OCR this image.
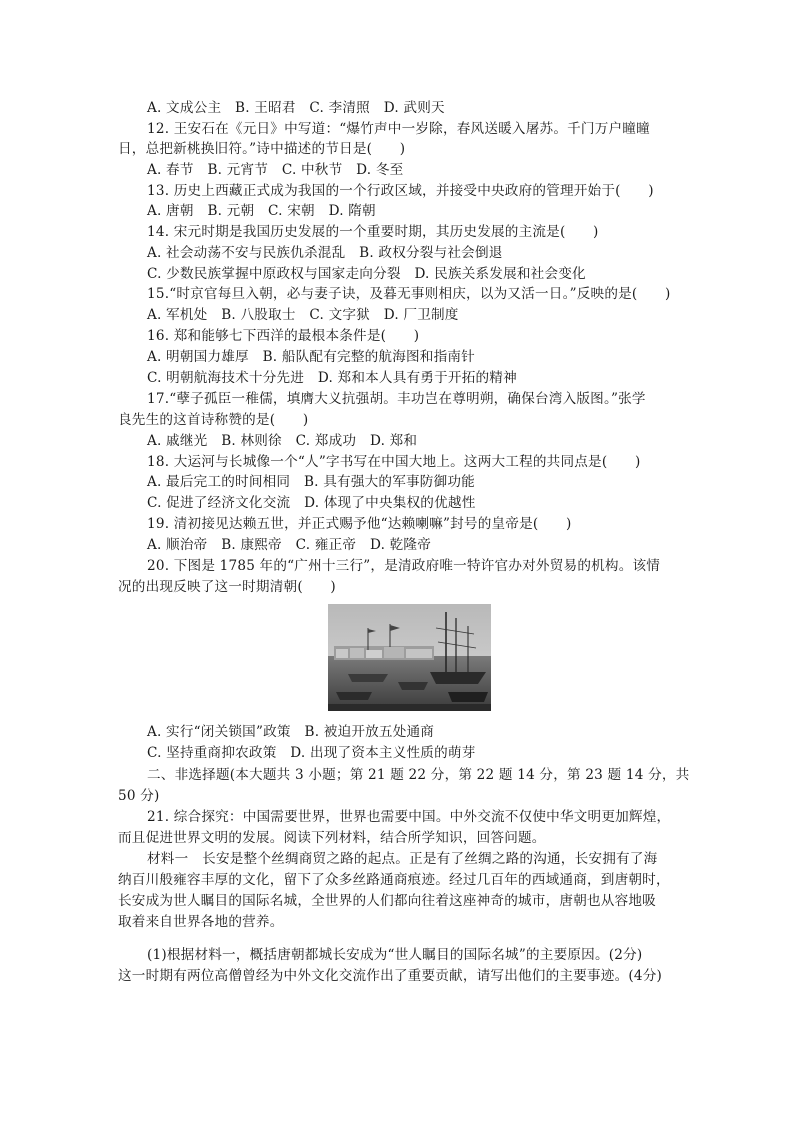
A. 文成公主　B. 王昭君　C. 李清照　D. 武则天
12. 王安石在《元日》中写道：“爆竹声中一岁除，春风送暖入屠苏。千门万户曈曈
日，总把新桃换旧符。”诗中描述的节日是(　　)
A. 春节　B. 元宵节　C. 中秋节　D. 冬至
13. 历史上西藏正式成为我国的一个行政区域，并接受中央政府的管理开始于(　　)
A. 唐朝　B. 元朝　C. 宋朝　D. 隋朝
14. 宋元时期是我国历史发展的一个重要时期，其历史发展的主流是(　　)
A. 社会动荡不安与民族仇杀混乱　B. 政权分裂与社会倒退
C. 少数民族掌握中原政权与国家走向分裂　D. 民族关系发展和社会变化
15.“时京官每旦入朝，必与妻子诀，及暮无事则相庆，以为又活一日。”反映的是(　　)
A. 军机处　B. 八股取士　C. 文字狱　D. 厂卫制度
16. 郑和能够七下西洋的最根本条件是(　　)
A. 明朝国力雄厚　B. 船队配有完整的航海图和指南针
C. 明朝航海技术十分先进　D. 郑和本人具有勇于开拓的精神
17.“孽子孤臣一稚儒，填膺大义抗强胡。丰功岂在尊明朔，确保台湾入版图。”张学
良先生的这首诗称赞的是(　　)
A. 戚继光　B. 林则徐　C. 郑成功　D. 郑和
18. 大运河与长城像一个“人”字书写在中国大地上。这两大工程的共同点是(　　)
A. 最后完工的时间相同　B. 具有强大的军事防御功能
C. 促进了经济文化交流　D. 体现了中央集权的优越性
19. 清初接见达赖五世，并正式赐予他“达赖喇嘛”封号的皇帝是(　　)
A. 顺治帝　B. 康熙帝　C. 雍正帝　D. 乾隆帝
20. 下图是 1785 年的“广州十三行”，是清政府唯一特许官办对外贸易的机构。该情
况的出现反映了这一时期清朝(　　)
A. 实行“闭关锁国”政策　B. 被迫开放五处通商
C. 坚持重商抑农政策　D. 出现了资本主义性质的萌芽
二、非选择题(本大题共 3 小题；第 21 题 22 分，第 22 题 14 分，第 23 题 14 分，共
50 分)
21. 综合探究：中国需要世界，世界也需要中国。中外交流不仅使中华文明更加辉煌，
而且促进世界文明的发展。阅读下列材料，结合所学知识，回答问题。
材料一　长安是整个丝绸商贸之路的起点。正是有了丝绸之路的沟通，长安拥有了海
纳百川般雍容丰厚的文化，留下了众多丝路通商痕迹。经过几百年的西域通商，到唐朝时，
长安成为世人瞩目的国际名城，全世界的人们都向往着这座神奇的城市，唐朝也从容地吸
取着来自世界各地的营养。
(1)根据材料一，概括唐朝都城长安成为“世人瞩目的国际名城”的主要原因。(2分)
这一时期有两位高僧曾经为中外文化交流作出了重要贡献，请写出他们的主要事迹。(4分)
